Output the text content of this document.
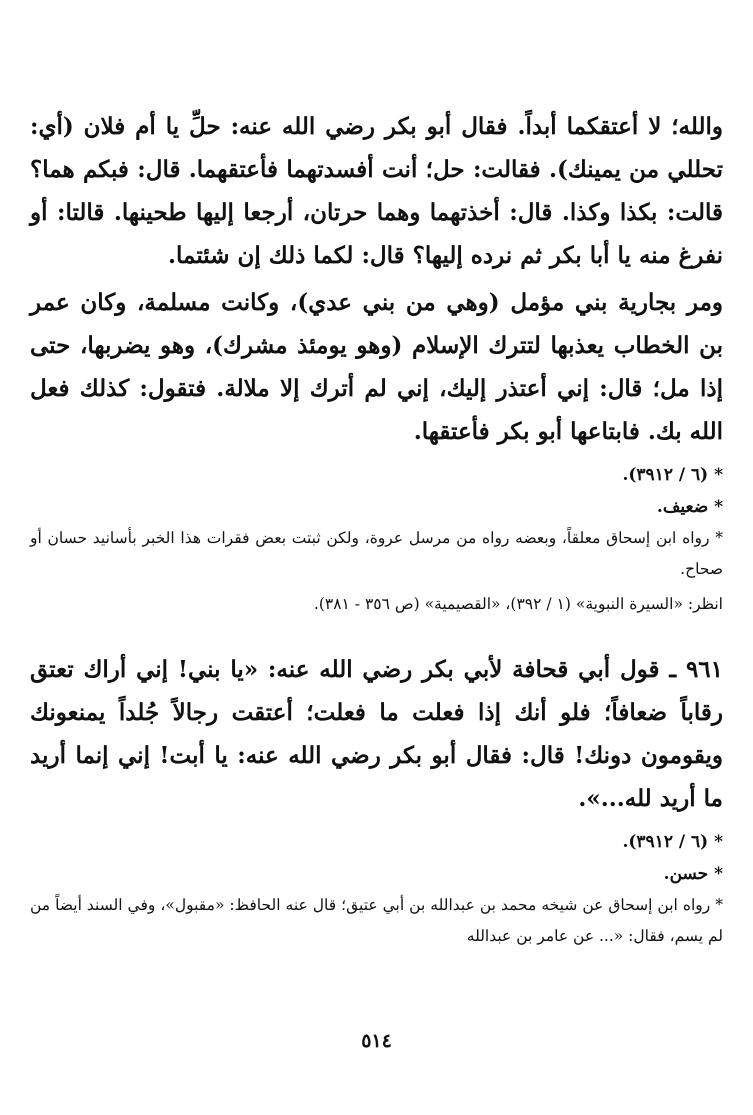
والله؛ لا أعتقكما أبداً. فقال أبو بكر رضي الله عنه: حلِّ يا أم فلان (أي: تحللي من يمينك). فقالت: حل؛ أنت أفسدتهما فأعتقهما. قال: فبكم هما؟ قالت: بكذا وكذا. قال: أخذتهما وهما حرتان، أرجعا إليها طحينها. قالتا: أو نفرغ منه يا أبا بكر ثم نرده إليها؟ قال: لكما ذلك إن شئتما.

ومر بجارية بني مؤمل (وهي من بني عدي)، وكانت مسلمة، وكان عمر بن الخطاب يعذبها لتترك الإسلام (وهو يومئذ مشرك)، وهو يضربها، حتى إذا مل؛ قال: إني أعتذر إليك، إني لم أترك إلا ملالة. فتقول: كذلك فعل الله بك. فابتاعها أبو بكر فأعتقها.

* (٦ / ٣٩١٢).

* ضعيف.

* رواه ابن إسحاق معلقاً، وبعضه رواه من مرسل عروة، ولكن ثبتت بعض فقرات هذا الخبر بأسانيد حسان أو صحاح.

انظر: «السيرة النبوية» (١ / ٣٩٢)، «القصيمية» (ص ٣٥٦ - ٣٨١).

٩٦١ ـ قول أبي قحافة لأبي بكر رضي الله عنه: «يا بني! إني أراك تعتق رقاباً ضعافاً؛ فلو أنك إذا فعلت ما فعلت؛ أعتقت رجالاً جُلداً يمنعونك ويقومون دونك! قال: فقال أبو بكر رضي الله عنه: يا أبت! إني إنما أريد ما أريد لله...».

* (٦ / ٣٩١٢).

* حسن.

* رواه ابن إسحاق عن شيخه محمد بن عبدالله بن أبي عتيق؛ قال عنه الحافظ: «مقبول»، وفي السند أيضاً من لم يسم، فقال: «... عن عامر بن عبدالله

٥١٤
